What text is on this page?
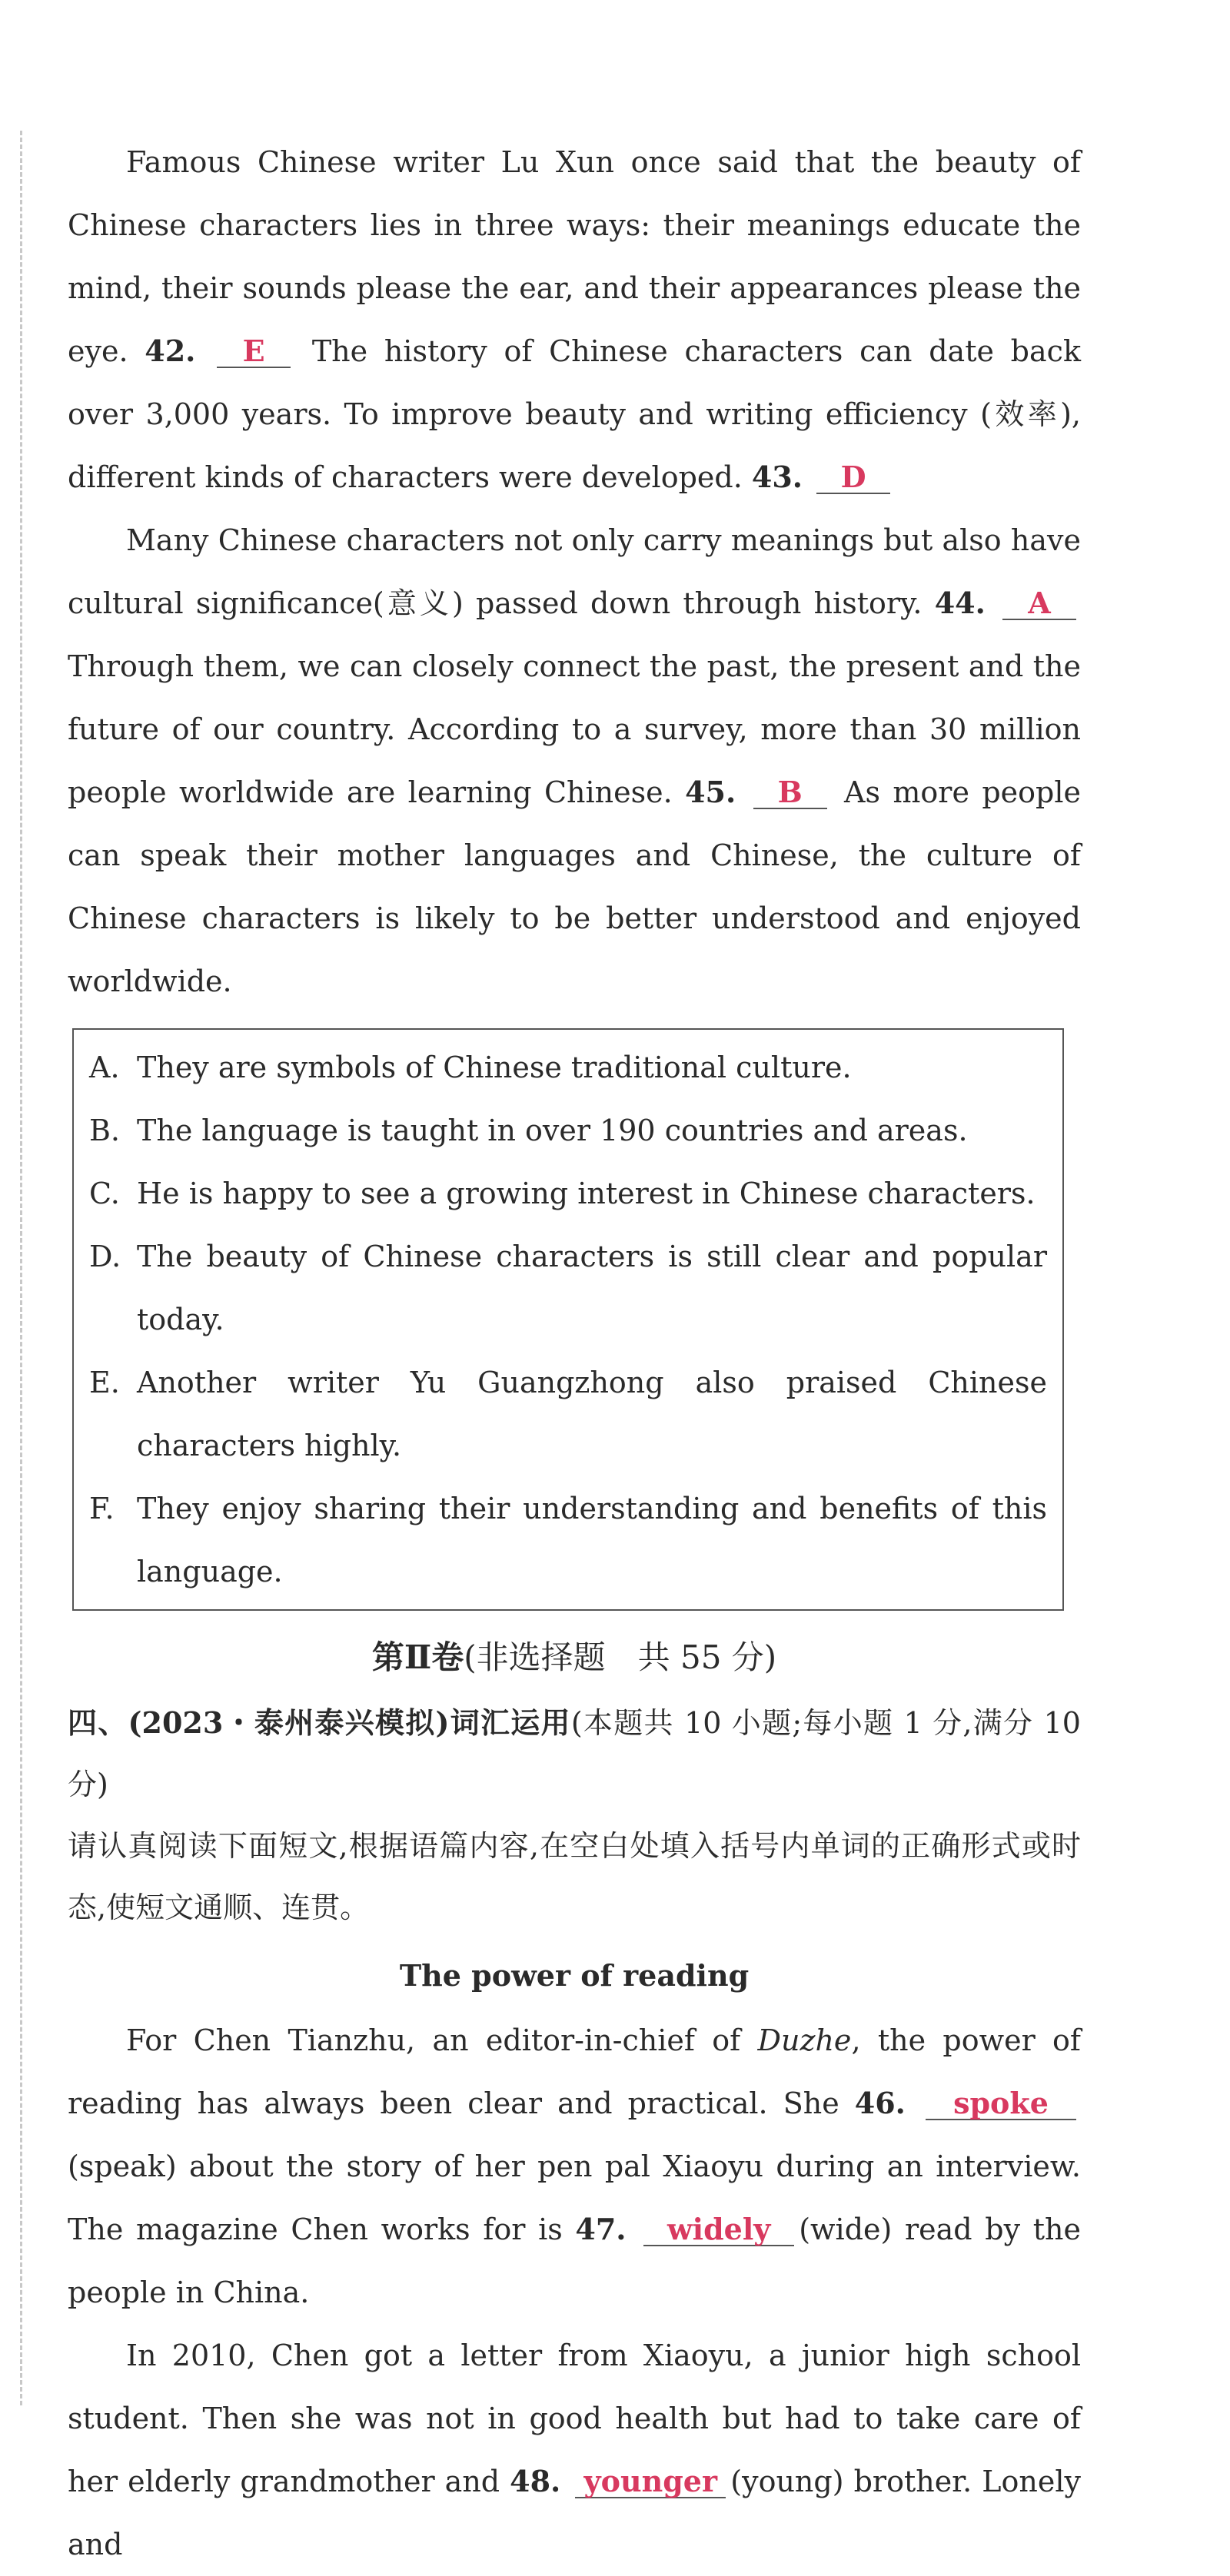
Famous Chinese writer Lu Xun once said that the beauty of Chinese characters lies in three ways: their meanings educate the mind, their sounds please the ear, and their appearances please the eye. 42. E The history of Chinese characters can date back over 3,000 years. To improve beauty and writing efficiency (效率), different kinds of characters were developed. 43. D

Many Chinese characters not only carry meanings but also have cultural significance(意义) passed down through history. 44. A Through them, we can closely connect the past, the present and the future of our country. According to a survey, more than 30 million people worldwide are learning Chinese. 45. B As more people can speak their mother languages and Chinese, the culture of Chinese characters is likely to be better understood and enjoyed worldwide.

A. They are symbols of Chinese traditional culture.
B. The language is taught in over 190 countries and areas.
C. He is happy to see a growing interest in Chinese characters.
D. The beauty of Chinese characters is still clear and popular today.
E. Another writer Yu Guangzhong also praised Chinese characters highly.
F. They enjoy sharing their understanding and benefits of this language.
第Ⅱ卷(非选择题　共 55 分)

四、(2023・泰州泰兴模拟)词汇运用(本题共 10 小题;每小题 1 分,满分 10 分)

请认真阅读下面短文,根据语篇内容,在空白处填入括号内单词的正确形式或时态,使短文通顺、连贯。

The power of reading

For Chen Tianzhu, an editor-in-chief of Duzhe, the power of reading has always been clear and practical. She 46. spoke(speak) about the story of her pen pal Xiaoyu during an interview. The magazine Chen works for is 47. widely (wide) read by the people in China.

In 2010, Chen got a letter from Xiaoyu, a junior high school student. Then she was not in good health but had to take care of her elderly grandmother and 48. younger (young) brother. Lonely and
